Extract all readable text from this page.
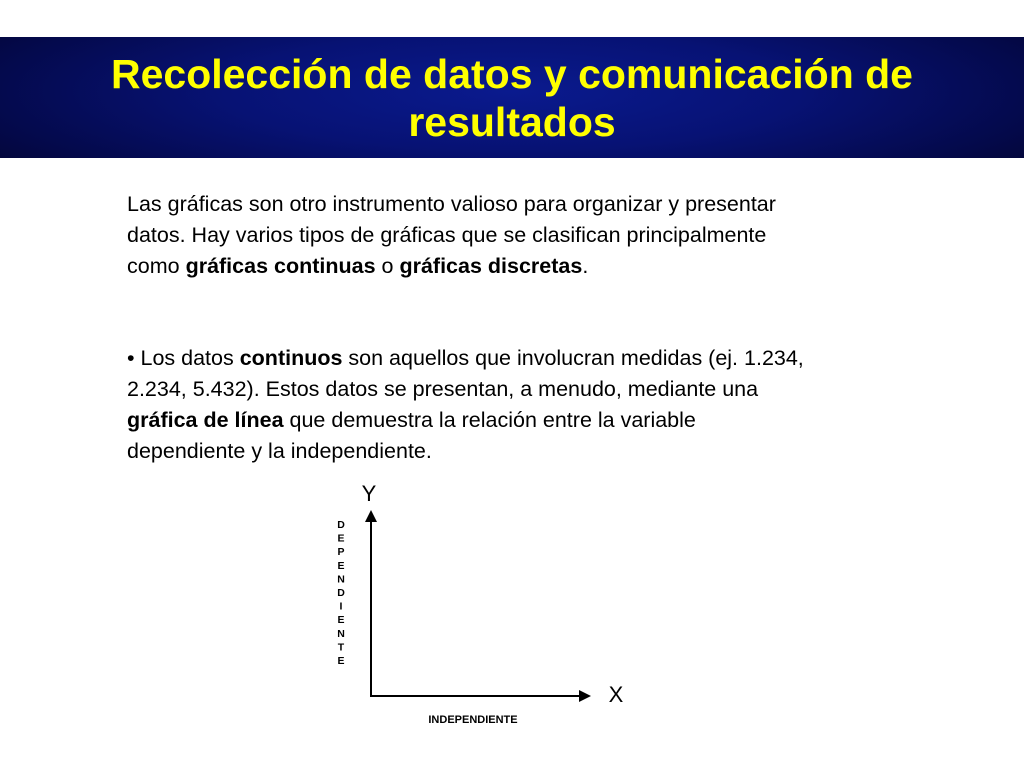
Recolección de datos y comunicación de
resultados
Las gráficas son otro instrumento valioso para organizar y presentar
datos. Hay varios tipos de gráficas que se clasifican principalmente
como gráficas continuas o gráficas discretas.
• Los datos continuos son aquellos que involucran medidas (ej. 1.234,
2.234, 5.432). Estos datos se presentan, a menudo, mediante una
gráfica de línea que demuestra la relación entre la variable
dependiente y la independiente.
Y
X
D
E
P
E
N
D
I
E
N
T
E
INDEPENDIENTE
